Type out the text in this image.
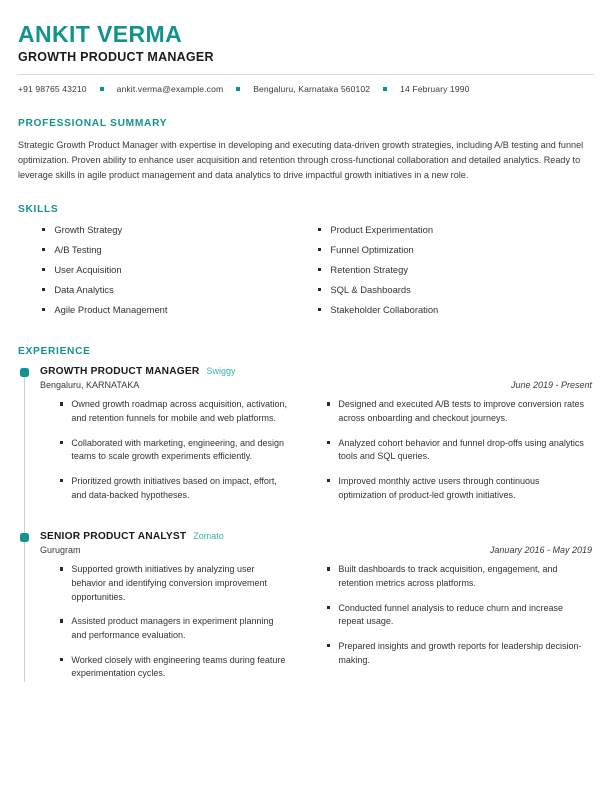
ANKIT VERMA
GROWTH PRODUCT MANAGER
+91 98765 43210	ankit.verma@example.com	Bengaluru, Karnataka 560102	14 February 1990
PROFESSIONAL SUMMARY

Strategic Growth Product Manager with expertise in developing and executing data-driven growth strategies, including A/B testing and funnel optimization. Proven ability to enhance user acquisition and retention through cross-functional collaboration and detailed analytics. Ready to leverage skills in agile product management and data analytics to drive impactful growth initiatives in a new role.

SKILLS
Growth Strategy
A/B Testing
User Acquisition
Data Analytics
Agile Product Management
Product Experimentation
Funnel Optimization
Retention Strategy
SQL & Dashboards
Stakeholder Collaboration
EXPERIENCE
GROWTH PRODUCT MANAGER Swiggy
Bengaluru, KARNATAKA	June 2019 - Present
Owned growth roadmap across acquisition, activation, and retention funnels for mobile and web platforms.
Collaborated with marketing, engineering, and design teams to scale growth experiments efficiently.
Prioritized growth initiatives based on impact, effort, and data-backed hypotheses.
Designed and executed A/B tests to improve conversion rates across onboarding and checkout journeys.
Analyzed cohort behavior and funnel drop-offs using analytics tools and SQL queries.
Improved monthly active users through continuous optimization of product-led growth initiatives.
SENIOR PRODUCT ANALYST Zomato
Gurugram	January 2016 - May 2019
Supported growth initiatives by analyzing user behavior and identifying conversion improvement opportunities.
Assisted product managers in experiment planning and performance evaluation.
Worked closely with engineering teams during feature experimentation cycles.
Built dashboards to track acquisition, engagement, and retention metrics across platforms.
Conducted funnel analysis to reduce churn and increase repeat usage.
Prepared insights and growth reports for leadership decision-making.
